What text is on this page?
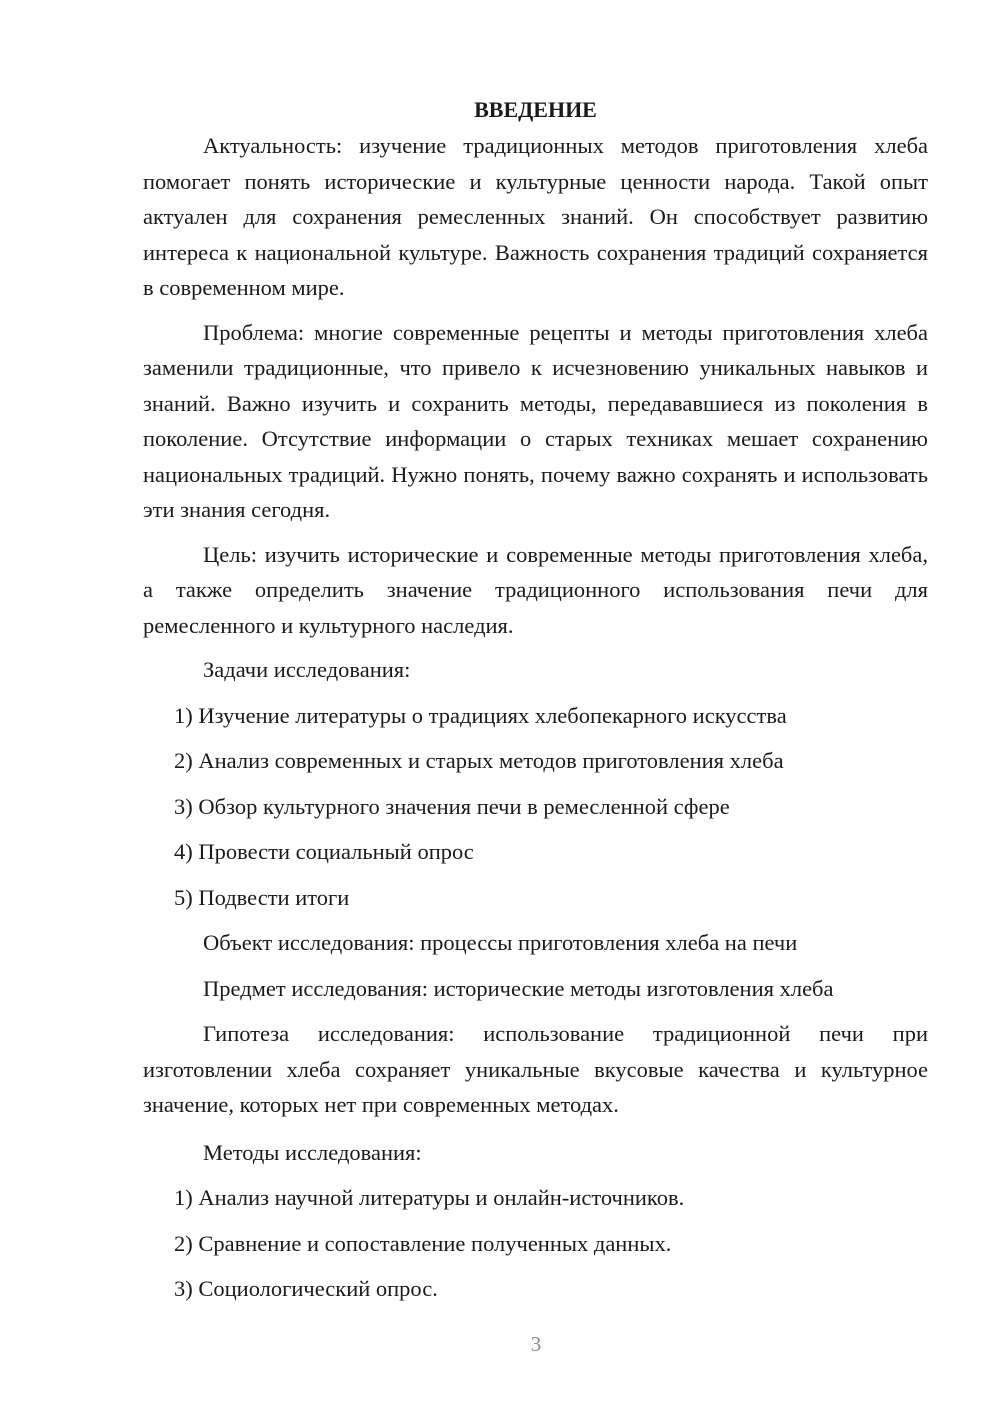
ВВЕДЕНИЕ

Актуальность: изучение традиционных методов приготовления хлеба помогает понять исторические и культурные ценности народа. Такой опыт актуален для сохранения ремесленных знаний. Он способствует развитию интереса к национальной культуре. Важность сохранения традиций сохраняется в современном мире.

Проблема: многие современные рецепты и методы приготовления хлеба заменили традиционные, что привело к исчезновению уникальных навыков и знаний. Важно изучить и сохранить методы, передававшиеся из поколения в поколение. Отсутствие информации о старых техниках мешает сохранению национальных традиций. Нужно понять, почему важно сохранять и использовать эти знания сегодня.

Цель: изучить исторические и современные методы приготовления хлеба, а также определить значение традиционного использования печи для ремесленного и культурного наследия.

Задачи исследования:

1) Изучение литературы о традициях хлебопекарного искусства

2) Анализ современных и старых методов приготовления хлеба

3) Обзор культурного значения печи в ремесленной сфере

4) Провести социальный опрос

5) Подвести итоги

Объект исследования: процессы приготовления хлеба на печи

Предмет исследования: исторические методы изготовления хлеба

Гипотеза исследования: использование традиционной печи при изготовлении хлеба сохраняет уникальные вкусовые качества и культурное значение, которых нет при современных методах.

Методы исследования:

1) Анализ научной литературы и онлайн-источников.

2) Сравнение и сопоставление полученных данных.

3) Социологический опрос.

3
